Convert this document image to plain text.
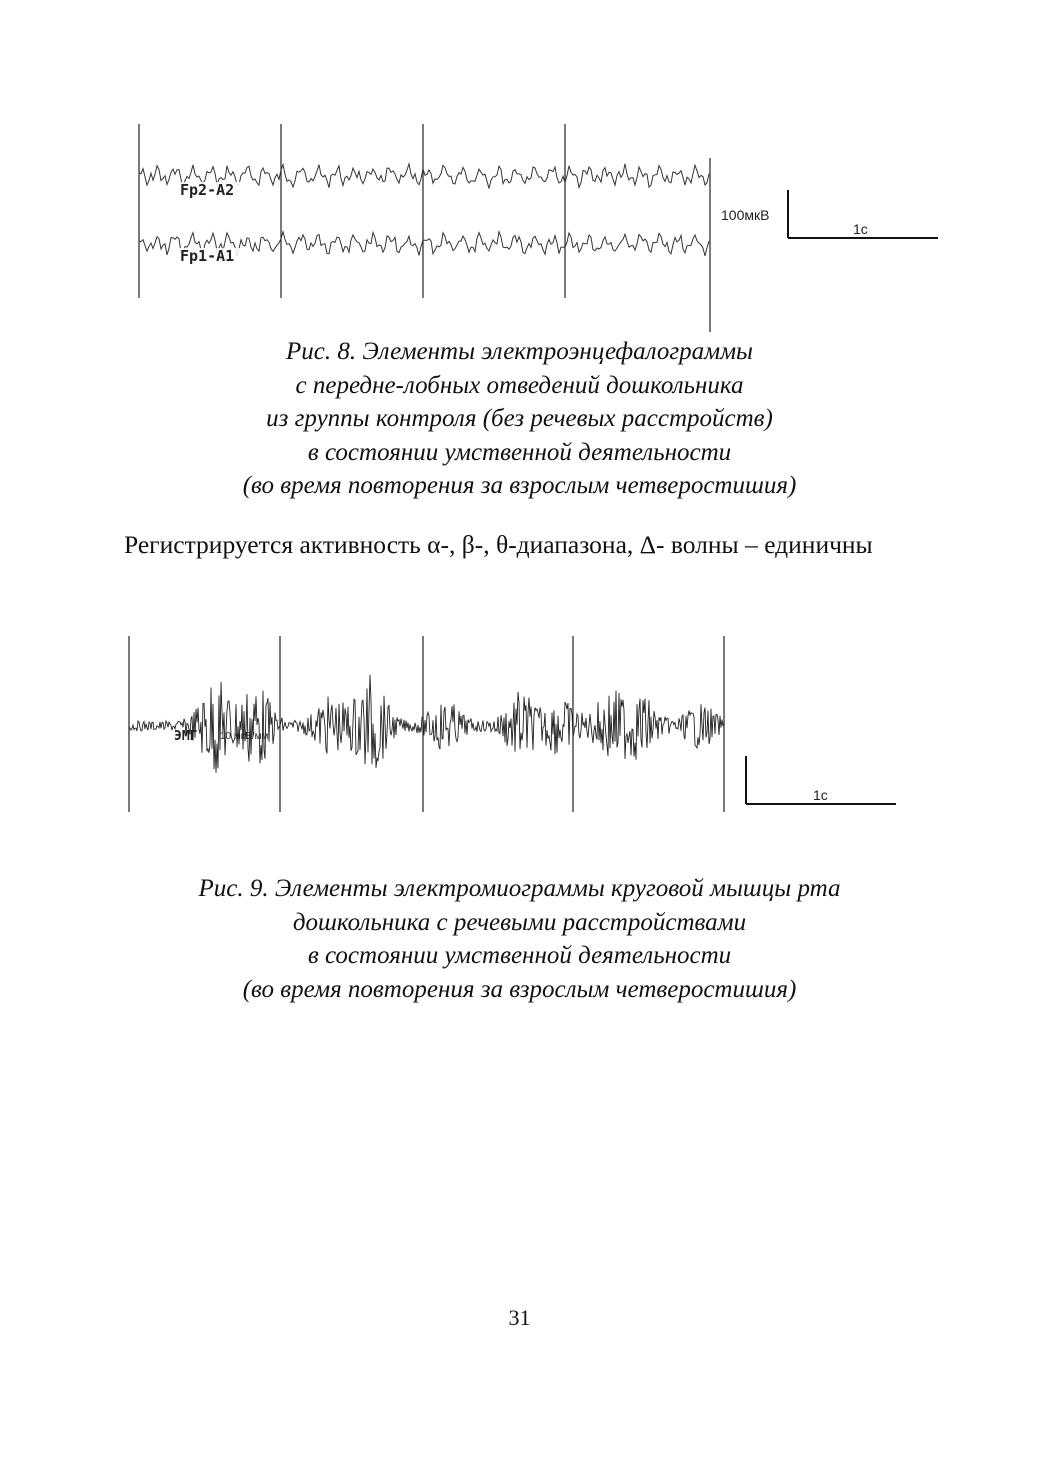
Fp2-A2
Fp1-A1
100мкВ
1с
Рис. 8. Элементы электроэнцефалограммы
с передне-лобных отведений дошкольника
из группы контроля (без речевых расстройств)
в состоянии умственной деятельности
(во время повторения за взрослым четверостишия)
Регистрируется активность α-, β-, θ-диапазона, Δ- волны – единичны
ЭМГ 10 мкВ/мм
1с
Рис. 9. Элементы электромиограммы круговой мышцы рта
дошкольника с речевыми расстройствами
в состоянии умственной деятельности
(во время повторения за взрослым четверостишия)
31
